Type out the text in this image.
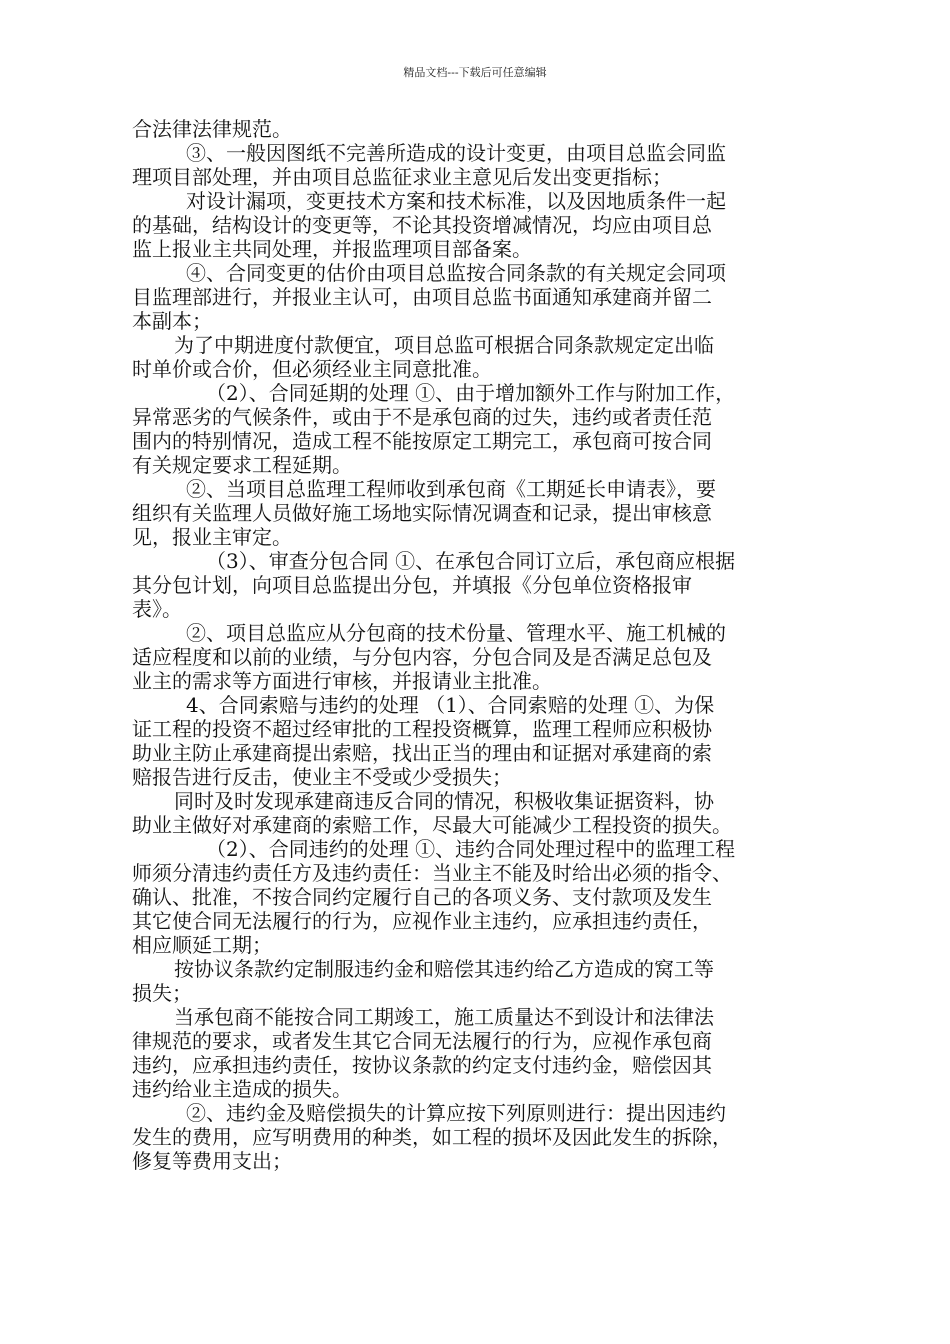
精品文档---下载后可任意编辑
合法律法律规范。
③、一般因图纸不完善所造成的设计变更，由项目总监会同监
理项目部处理，并由项目总监征求业主意见后发出变更指标；
对设计漏项，变更技术方案和技术标准，以及因地质条件一起
的基础，结构设计的变更等，不论其投资增减情况，均应由项目总
监上报业主共同处理，并报监理项目部备案。
④、合同变更的估价由项目总监按合同条款的有关规定会同项
目监理部进行，并报业主认可，由项目总监书面通知承建商并留二
本副本；
为了中期进度付款便宜，项目总监可根据合同条款规定定出临
时单价或合价，但必须经业主同意批准。
（2）、合同延期的处理 ①、由于增加额外工作与附加工作，
异常恶劣的气候条件，或由于不是承包商的过失，违约或者责任范
围内的特别情况，造成工程不能按原定工期完工，承包商可按合同
有关规定要求工程延期。
②、当项目总监理工程师收到承包商《工期延长申请表》，要
组织有关监理人员做好施工场地实际情况调查和记录，提出审核意
见，报业主审定。
（3）、审查分包合同 ①、在承包合同订立后，承包商应根据
其分包计划，向项目总监提出分包，并填报《分包单位资格报审
表》。
②、项目总监应从分包商的技术份量、管理水平、施工机械的
适应程度和以前的业绩，与分包内容，分包合同及是否满足总包及
业主的需求等方面进行审核，并报请业主批准。
4、合同索赔与违约的处理 （1）、合同索赔的处理 ①、为保
证工程的投资不超过经审批的工程投资概算，监理工程师应积极协
助业主防止承建商提出索赔，找出正当的理由和证据对承建商的索
赔报告进行反击，使业主不受或少受损失；
同时及时发现承建商违反合同的情况，积极收集证据资料，协
助业主做好对承建商的索赔工作，尽最大可能减少工程投资的损失。
（2）、合同违约的处理 ①、违约合同处理过程中的监理工程
师须分清违约责任方及违约责任：当业主不能及时给出必须的指令、
确认、批准，不按合同约定履行自己的各项义务、支付款项及发生
其它使合同无法履行的行为，应视作业主违约，应承担违约责任，
相应顺延工期；
按协议条款约定制服违约金和赔偿其违约给乙方造成的窝工等
损失；
当承包商不能按合同工期竣工，施工质量达不到设计和法律法
律规范的要求，或者发生其它合同无法履行的行为，应视作承包商
违约，应承担违约责任，按协议条款的约定支付违约金，赔偿因其
违约给业主造成的损失。
②、违约金及赔偿损失的计算应按下列原则进行：提出因违约
发生的费用，应写明费用的种类，如工程的损坏及因此发生的拆除，
修复等费用支出；
